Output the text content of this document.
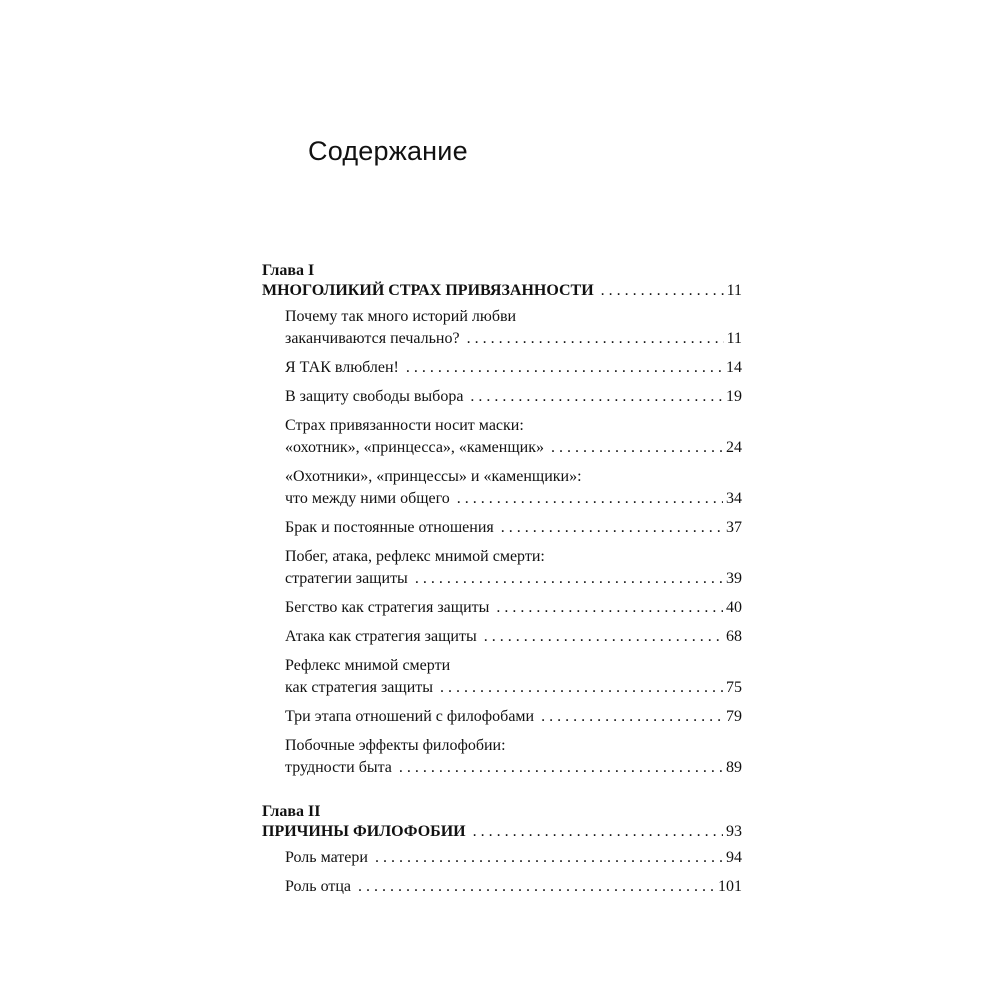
Содержание
Глава I
МНОГОЛИКИЙ СТРАХ ПРИВЯЗАННОСТИ . . .	11
Почему так много историй любви
заканчиваются печально? . . .	11
Я ТАК влюблен! . . .	14
В защиту свободы выбора . . .	19
Страх привязанности носит маски:
«охотник», «принцесса», «каменщик» . . .	24
«Охотники», «принцессы» и «каменщики»:
что между ними общего . . .	34
Брак и постоянные отношения . . .	37
Побег, атака, рефлекс мнимой смерти:
стратегии защиты . . .	39
Бегство как стратегия защиты . . .	40
Атака как стратегия защиты . . .	68
Рефлекс мнимой смерти
как стратегия защиты . . .	75
Три этапа отношений с филофобами . . .	79
Побочные эффекты филофобии:
трудности быта . . .	89
Глава II
ПРИЧИНЫ ФИЛОФОБИИ . . .	93
Роль матери . . .	94
Роль отца . . .	101
